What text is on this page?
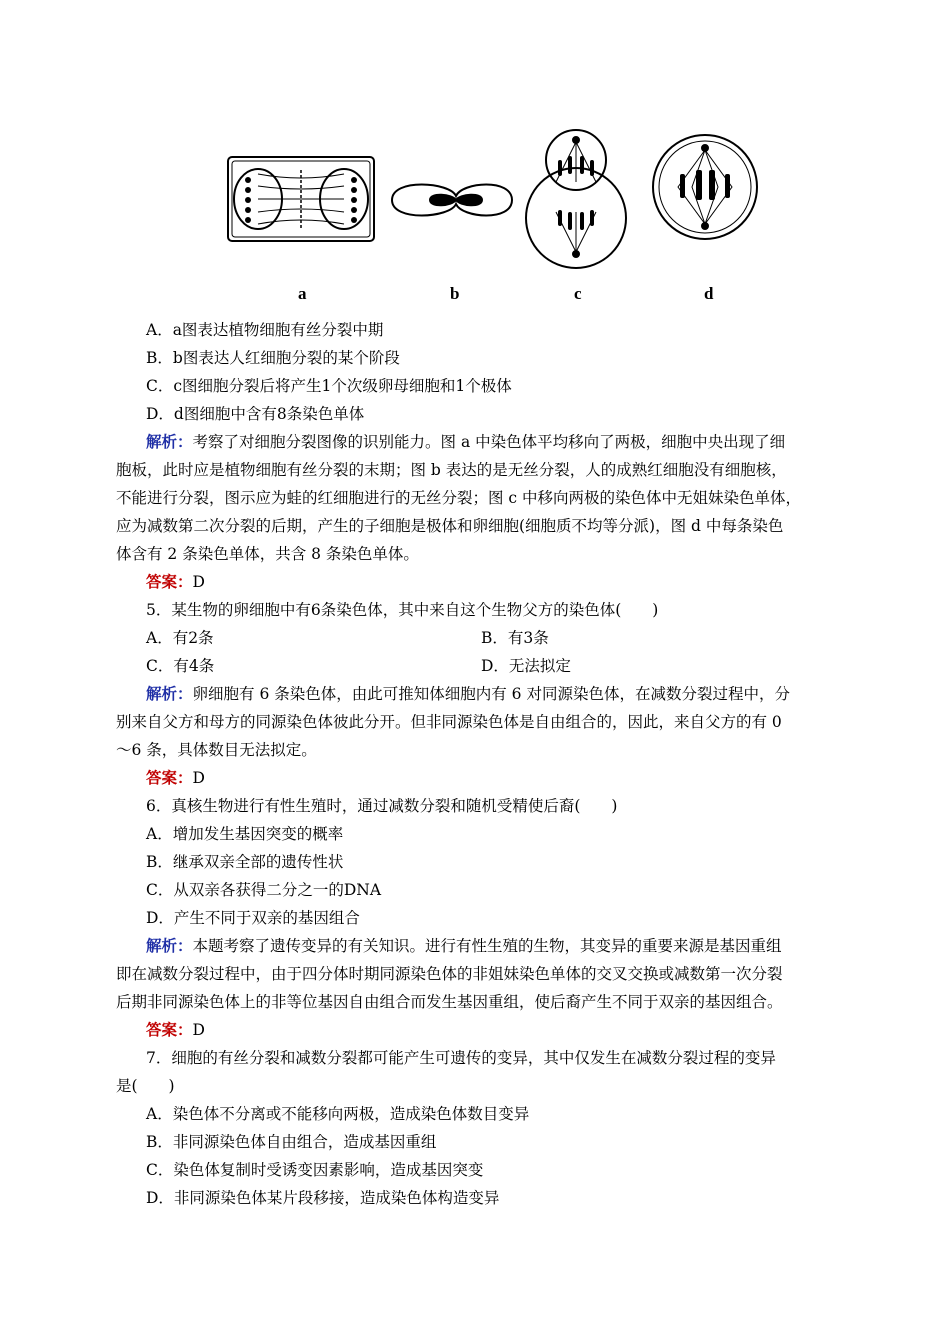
a	b	c	d
A．a图表达植物细胞有丝分裂中期
B．b图表达人红细胞分裂的某个阶段
C．c图细胞分裂后将产生1个次级卵母细胞和1个极体
D．d图细胞中含有8条染色单体
解析：考察了对细胞分裂图像的识别能力。图 a 中染色体平均移向了两极，细胞中央出现了细
胞板，此时应是植物细胞有丝分裂的末期；图 b 表达的是无丝分裂，人的成熟红细胞没有细胞核，
不能进行分裂，图示应为蛙的红细胞进行的无丝分裂；图 c 中移向两极的染色体中无姐妹染色单体，
应为减数第二次分裂的后期，产生的子细胞是极体和卵细胞(细胞质不均等分派)，图 d 中每条染色
体含有 2 条染色单体，共含 8 条染色单体。
答案：D
5．某生物的卵细胞中有6条染色体，其中来自这个生物父方的染色体(　　)
A．有2条	B．有3条
C．有4条	D．无法拟定
解析：卵细胞有 6 条染色体，由此可推知体细胞内有 6 对同源染色体，在减数分裂过程中，分
别来自父方和母方的同源染色体彼此分开。但非同源染色体是自由组合的，因此，来自父方的有 0
～6 条，具体数目无法拟定。
答案：D
6．真核生物进行有性生殖时，通过减数分裂和随机受精使后裔(　　)
A．增加发生基因突变的概率
B．继承双亲全部的遗传性状
C．从双亲各获得二分之一的DNA
D．产生不同于双亲的基因组合
解析：本题考察了遗传变异的有关知识。进行有性生殖的生物，其变异的重要来源是基因重组
即在减数分裂过程中，由于四分体时期同源染色体的非姐妹染色单体的交叉交换或减数第一次分裂
后期非同源染色体上的非等位基因自由组合而发生基因重组，使后裔产生不同于双亲的基因组合。
答案：D
7．细胞的有丝分裂和减数分裂都可能产生可遗传的变异，其中仅发生在减数分裂过程的变异
是(　　)
A．染色体不分离或不能移向两极，造成染色体数目变异
B．非同源染色体自由组合，造成基因重组
C．染色体复制时受诱变因素影响，造成基因突变
D．非同源染色体某片段移接，造成染色体构造变异
